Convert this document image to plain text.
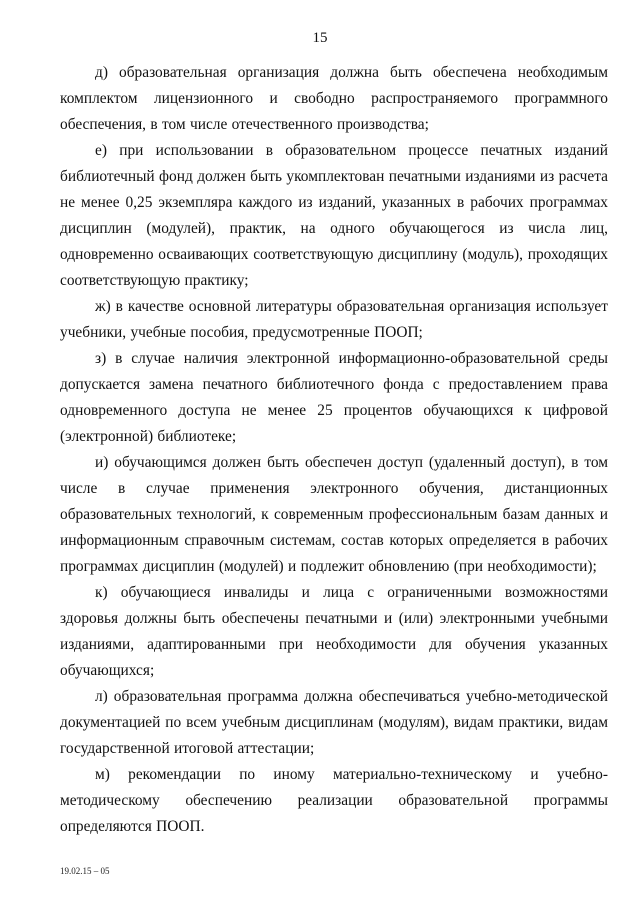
15

д) образовательная организация должна быть обеспечена необходимым комплектом лицензионного и свободно распространяемого программного обеспечения, в том числе отечественного производства;

е) при использовании в образовательном процессе печатных изданий библиотечный фонд должен быть укомплектован печатными изданиями из расчета не менее 0,25 экземпляра каждого из изданий, указанных в рабочих программах дисциплин (модулей), практик, на одного обучающегося из числа лиц, одновременно осваивающих соответствующую дисциплину (модуль), проходящих соответствующую практику;

ж) в качестве основной литературы образовательная организация использует учебники, учебные пособия, предусмотренные ПООП;

з) в случае наличия электронной информационно-образовательной среды допускается замена печатного библиотечного фонда с предоставлением права одновременного доступа не менее 25 процентов обучающихся к цифровой (электронной) библиотеке;

и) обучающимся должен быть обеспечен доступ (удаленный доступ), в том числе в случае применения электронного обучения, дистанционных образовательных технологий, к современным профессиональным базам данных и информационным справочным системам, состав которых определяется в рабочих программах дисциплин (модулей) и подлежит обновлению (при необходимости);

к) обучающиеся инвалиды и лица с ограниченными возможностями здоровья должны быть обеспечены печатными и (или) электронными учебными изданиями, адаптированными при необходимости для обучения указанных обучающихся;

л) образовательная программа должна обеспечиваться учебно-методической документацией по всем учебным дисциплинам (модулям), видам практики, видам государственной итоговой аттестации;

м) рекомендации по иному материально-техническому и учебно-методическому обеспечению реализации образовательной программы определяются ПООП.

19.02.15 – 05
